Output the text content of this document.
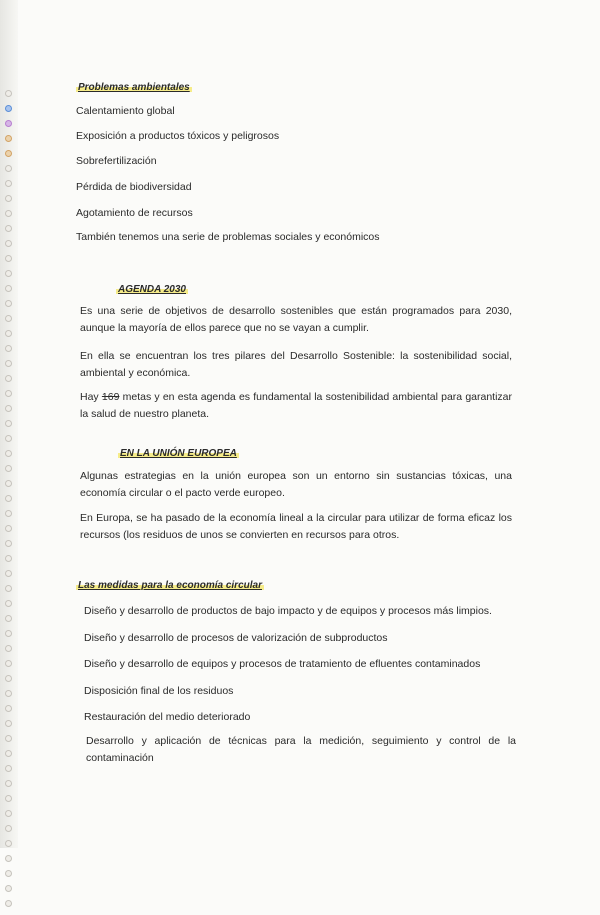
Problemas ambientales
Calentamiento global
Exposición a productos tóxicos y peligrosos
Sobrefertilización
Pérdida de biodiversidad
Agotamiento de recursos
También tenemos una serie de problemas sociales y económicos
AGENDA 2030
Es una serie de objetivos de desarrollo sostenibles que están programados para 2030, aunque la mayoría de ellos parece que no se vayan a cumplir.
En ella se encuentran los tres pilares del Desarrollo Sostenible: la sostenibilidad social, ambiental y económica.
Hay 169 metas y en esta agenda es fundamental la sostenibilidad ambiental para garantizar la salud de nuestro planeta.
EN LA UNIÓN EUROPEA
Algunas estrategias en la unión europea son un entorno sin sustancias tóxicas, una economía circular o el pacto verde europeo.
En Europa, se ha pasado de la economía lineal a la circular para utilizar de forma eficaz los recursos (los residuos de unos se convierten en recursos para otros.
Las medidas para la economía circular
Diseño y desarrollo de productos de bajo impacto y de equipos y procesos más limpios.
Diseño y desarrollo de procesos de valorización de subproductos
Diseño y desarrollo de equipos y procesos de tratamiento de efluentes contaminados
Disposición final de los residuos
Restauración del medio deteriorado
Desarrollo y aplicación de técnicas para la medición, seguimiento y control de la contaminación
